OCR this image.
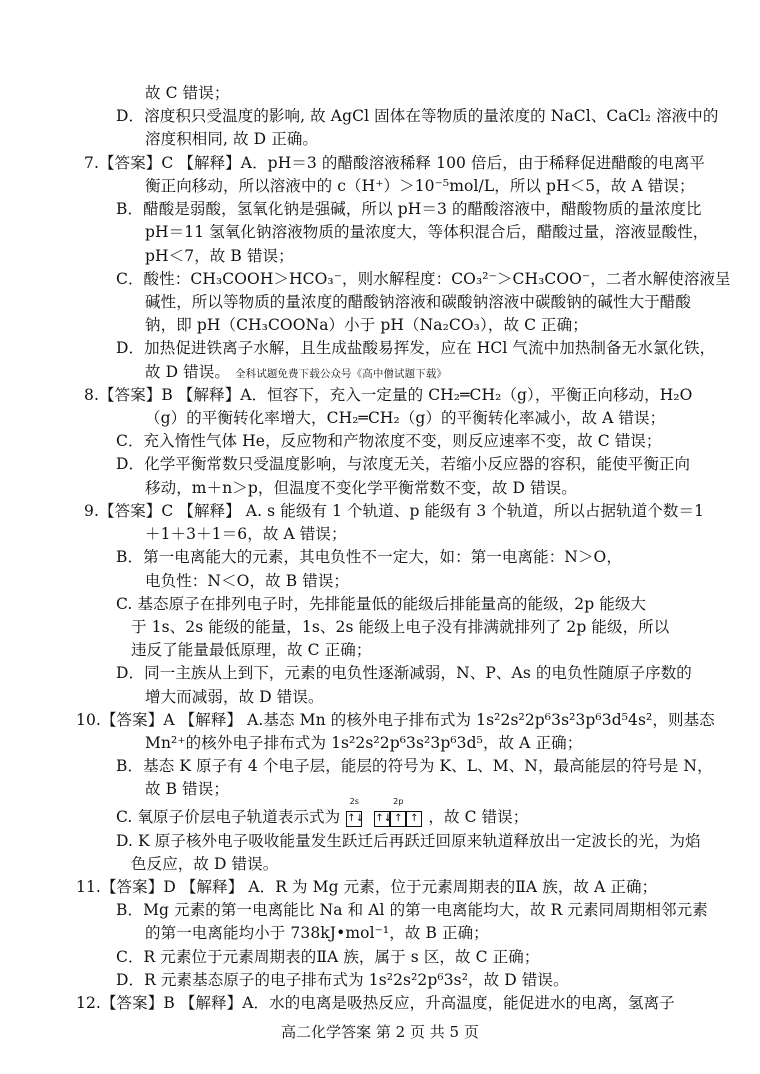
故 C 错误；
D．溶度积只受温度的影响, 故 AgCl 固体在等物质的量浓度的 NaCl、CaCl₂ 溶液中的
溶度积相同, 故 D 正确。
7.【答案】C 【解释】A．pH＝3 的醋酸溶液稀释 100 倍后，由于稀释促进醋酸的电离平
衡正向移动，所以溶液中的 c（H⁺）＞10⁻⁵mol/L，所以 pH＜5，故 A 错误；
B．醋酸是弱酸，氢氧化钠是强碱，所以 pH＝3 的醋酸溶液中，醋酸物质的量浓度比
pH＝11 氢氧化钠溶液物质的量浓度大，等体积混合后，醋酸过量，溶液显酸性，
pH＜7，故 B 错误；
C．酸性：CH₃COOH＞HCO₃⁻，则水解程度：CO₃²⁻＞CH₃COO⁻，二者水解使溶液呈
碱性，所以等物质的量浓度的醋酸钠溶液和碳酸钠溶液中碳酸钠的碱性大于醋酸
钠，即 pH（CH₃COONa）小于 pH（Na₂CO₃），故 C 正确；
D．加热促进铁离子水解，且生成盐酸易挥发，应在 HCl 气流中加热制备无水氯化铁，
故 D 错误。 全科试题免费下载公众号《高中僧试题下载》
8.【答案】B 【解释】A．恒容下，充入一定量的 CH₂═CH₂（g），平衡正向移动，H₂O
（g）的平衡转化率增大，CH₂═CH₂（g）的平衡转化率减小，故 A 错误；
C．充入惰性气体 He，反应物和产物浓度不变，则反应速率不变，故 C 错误；
D．化学平衡常数只受温度影响，与浓度无关，若缩小反应器的容积，能使平衡正向
移动，m＋n＞p，但温度不变化学平衡常数不变，故 D 错误。
9.【答案】C 【解释】 A. s 能级有 1 个轨道、p 能级有 3 个轨道，所以占据轨道个数＝1
＋1＋3＋1＝6，故 A 错误；
B．第一电离能大的元素，其电负性不一定大，如：第一电离能：N＞O，
电负性：N＜O，故 B 错误；
C. 基态原子在排列电子时，先排能量低的能级后排能量高的能级，2p 能级大
于 1s、2s 能级的能量，1s、2s 能级上电子没有排满就排列了 2p 能级，所以
违反了能量最低原理，故 C 正确；
D．同一主族从上到下，元素的电负性逐渐减弱，N、P、As 的电负性随原子序数的
增大而减弱，故 D 错误。
10.【答案】A 【解释】 A.基态 Mn 的核外电子排布式为 1s²2s²2p⁶3s²3p⁶3d⁵4s²，则基态
Mn²⁺的核外电子排布式为 1s²2s²2p⁶3s²3p⁶3d⁵，故 A 正确；
B．基态 K 原子有 4 个电子层，能层的符号为 K、L、M、N，最高能层的符号是 N，
故 B 错误；
C. 氧原子价层电子轨道表示式为
2s
↑↓
2p
↑↓ ↑ ↑ ，故 C 错误；
D. K 原子核外电子吸收能量发生跃迁后再跃迁回原来轨道释放出一定波长的光，为焰
色反应，故 D 错误。
11.【答案】D 【解释】 A．R 为 Mg 元素，位于元素周期表的ⅡA 族，故 A 正确；
B．Mg 元素的第一电离能比 Na 和 Al 的第一电离能均大，故 R 元素同周期相邻元素
的第一电离能均小于 738kJ•mol⁻¹，故 B 正确；
C．R 元素位于元素周期表的ⅡA 族，属于 s 区，故 C 正确；
D．R 元素基态原子的电子排布式为 1s²2s²2p⁶3s²，故 D 错误。
12.【答案】B 【解释】A．水的电离是吸热反应，升高温度，能促进水的电离，氢离子
高二化学答案 第 2 页 共 5 页
